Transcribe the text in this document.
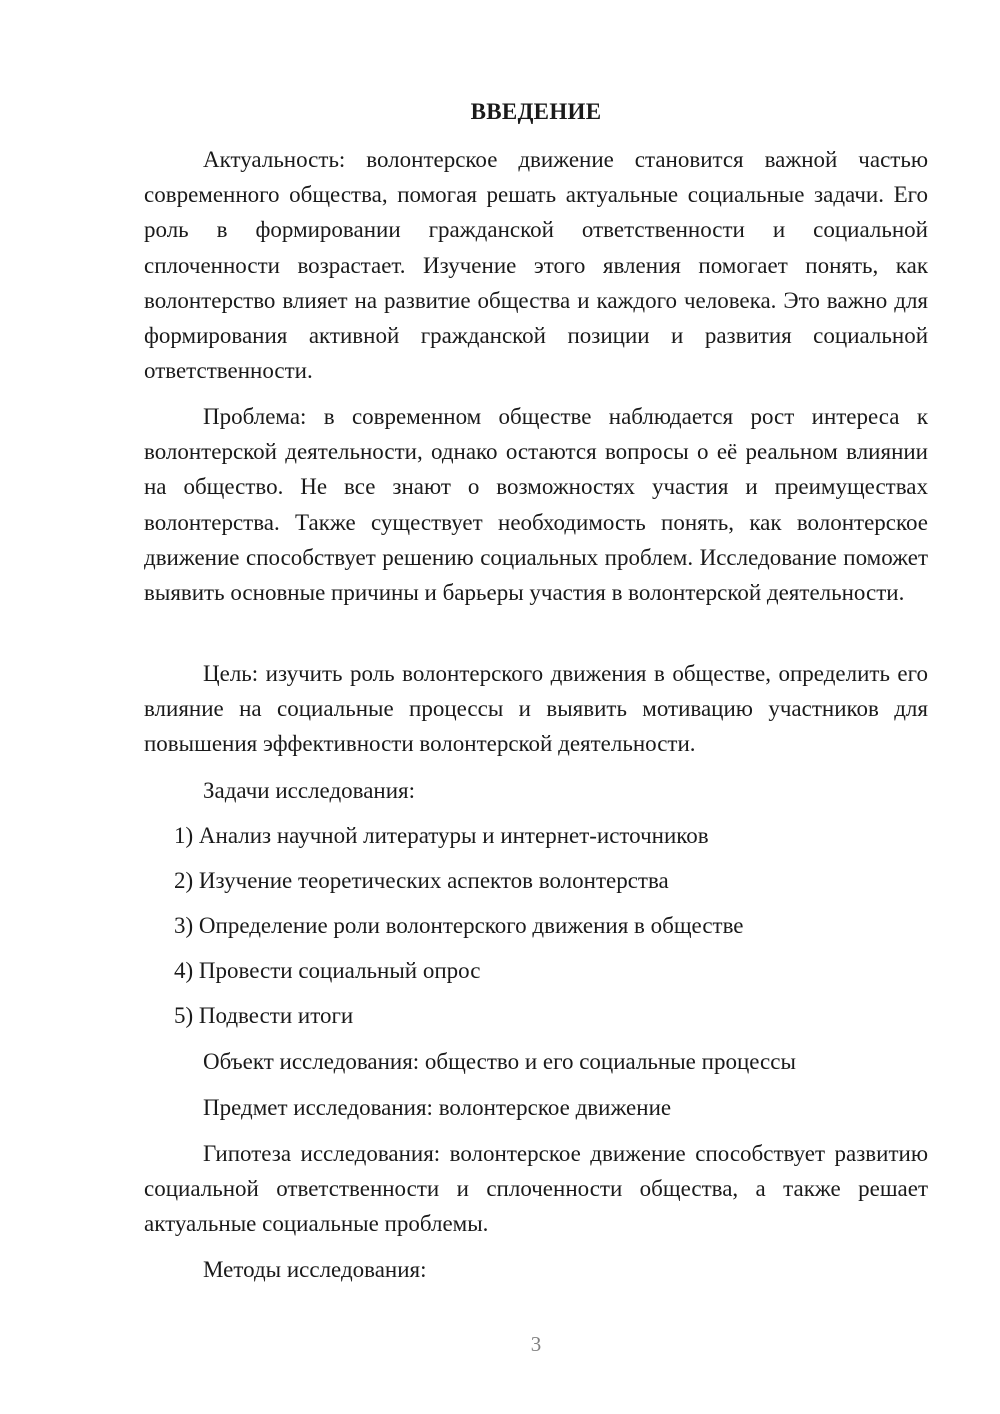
ВВЕДЕНИЕ

Актуальность: волонтерское движение становится важной частью современного общества, помогая решать актуальные социальные задачи. Его роль в формировании гражданской ответственности и социальной сплоченности возрастает. Изучение этого явления помогает понять, как волонтерство влияет на развитие общества и каждого человека. Это важно для формирования активной гражданской позиции и развития социальной ответственности.

Проблема: в современном обществе наблюдается рост интереса к волонтерской деятельности, однако остаются вопросы о её реальном влиянии на общество. Не все знают о возможностях участия и преимуществах волонтерства. Также существует необходимость понять, как волонтерское движение способствует решению социальных проблем. Исследование поможет выявить основные причины и барьеры участия в волонтерской деятельности.

Цель: изучить роль волонтерского движения в обществе, определить его влияние на социальные процессы и выявить мотивацию участников для повышения эффективности волонтерской деятельности.

Задачи исследования:
1) Анализ научной литературы и интернет-источников
2) Изучение теоретических аспектов волонтерства
3) Определение роли волонтерского движения в обществе
4) Провести социальный опрос
5) Подвести итоги
Объект исследования: общество и его социальные процессы
Предмет исследования: волонтерское движение

Гипотеза исследования: волонтерское движение способствует развитию социальной ответственности и сплоченности общества, а также решает актуальные социальные проблемы.

Методы исследования:
3
